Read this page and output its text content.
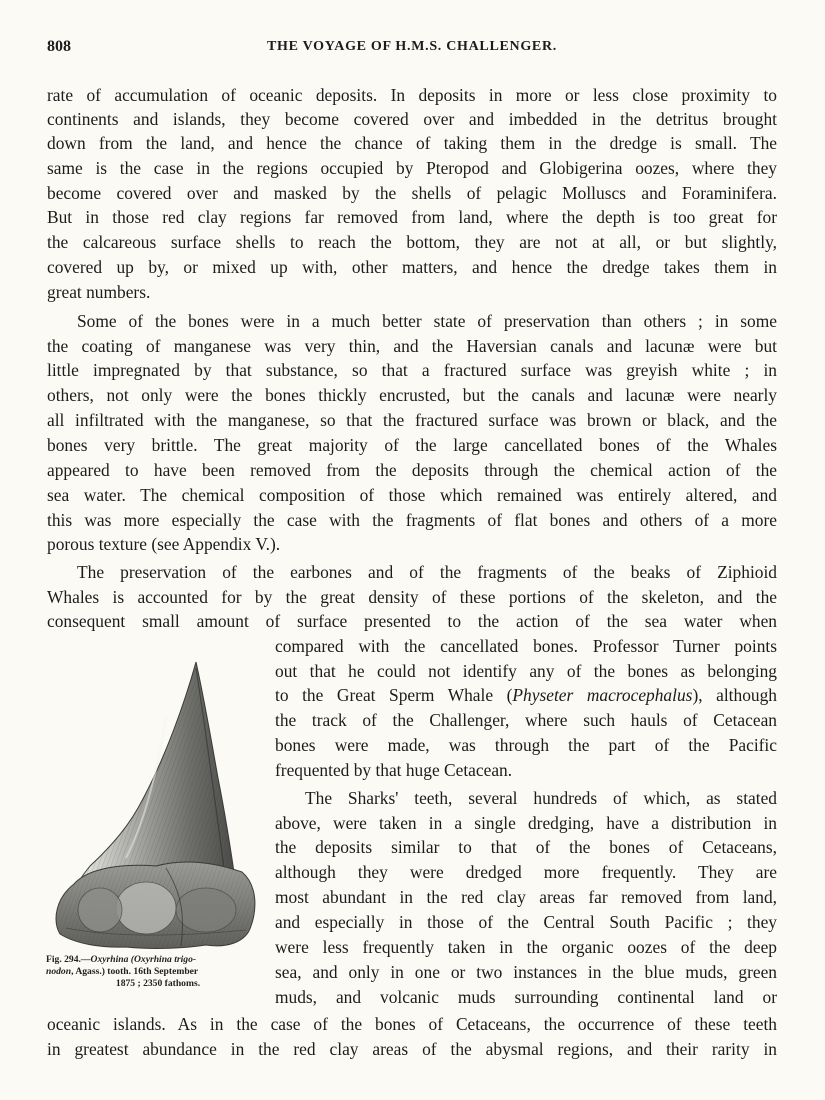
808	THE VOYAGE OF H.M.S. CHALLENGER.
rate of accumulation of oceanic deposits. In deposits in more or less close proximity to
continents and islands, they become covered over and imbedded in the detritus brought
down from the land, and hence the chance of taking them in the dredge is small. The
same is the case in the regions occupied by Pteropod and Globigerina oozes, where they
become covered over and masked by the shells of pelagic Molluscs and Foraminifera.
But in those red clay regions far removed from land, where the depth is too great for
the calcareous surface shells to reach the bottom, they are not at all, or but slightly,
covered up by, or mixed up with, other matters, and hence the dredge takes them in
great numbers.
Some of the bones were in a much better state of preservation than others ; in some
the coating of manganese was very thin, and the Haversian canals and lacunæ were but
little impregnated by that substance, so that a fractured surface was greyish white ; in
others, not only were the bones thickly encrusted, but the canals and lacunæ were nearly
all infiltrated with the manganese, so that the fractured surface was brown or black, and the
bones very brittle. The great majority of the large cancellated bones of the Whales
appeared to have been removed from the deposits through the chemical action of the
sea water. The chemical composition of those which remained was entirely altered, and
this was more especially the case with the fragments of flat bones and others of a more
porous texture (see Appendix V.).
The preservation of the earbones and of the fragments of the beaks of Ziphioid
Whales is accounted for by the great density of these portions of the skeleton, and the
consequent small amount of surface presented to the action of the sea water when
compared with the cancellated bones. Professor Turner points
out that he could not identify any of the bones as belonging
to the Great Sperm Whale (Physeter macrocephalus), although
the track of the Challenger, where such hauls of Cetacean
bones were made, was through the part of the Pacific
frequented by that huge Cetacean.
The Sharks' teeth, several hundreds of which, as stated
above, were taken in a single dredging, have a distribution in
the deposits similar to that of the bones of Cetaceans,
although they were dredged more frequently. They are
most abundant in the red clay areas far removed from land,
and especially in those of the Central South Pacific ; they
were less frequently taken in the organic oozes of the deep
sea, and only in one or two instances in the blue muds, green
muds, and volcanic muds surrounding continental land or
oceanic islands. As in the case of the bones of Cetaceans, the occurrence of these teeth
in greatest abundance in the red clay areas of the abysmal regions, and their rarity in
Fig. 294.—Oxyrhina (Oxyrhina trigo-
nodon, Agass.) tooth. 16th September
1875 ; 2350 fathoms.
